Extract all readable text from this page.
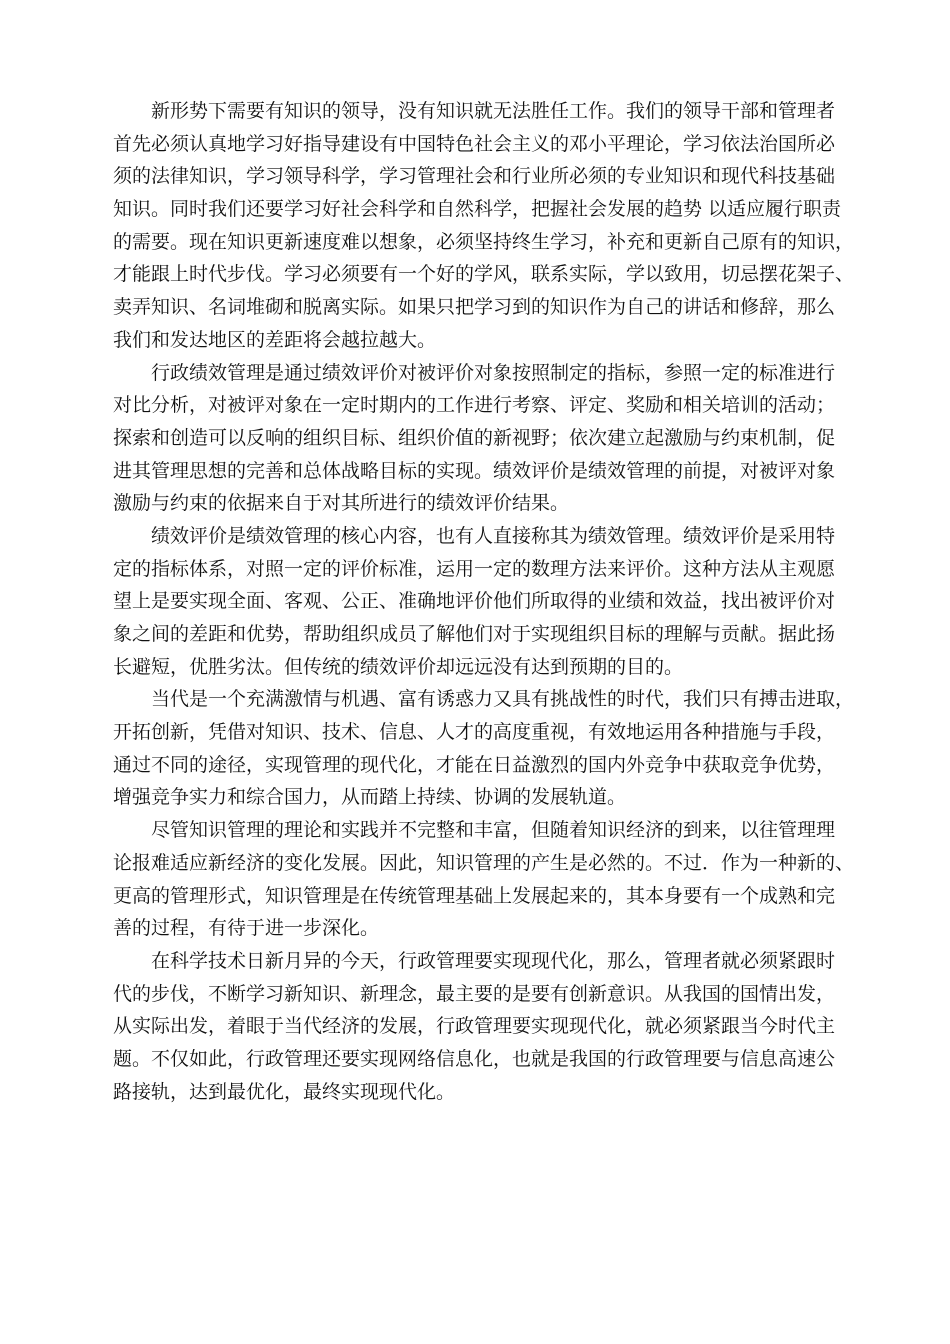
新形势下需要有知识的领导，没有知识就无法胜任工作。我们的领导干部和管理者
首先必须认真地学习好指导建设有中国特色社会主义的邓小平理论，学习依法治国所必
须的法律知识，学习领导科学，学习管理社会和行业所必须的专业知识和现代科技基础
知识。同时我们还要学习好社会科学和自然科学，把握社会发展的趋势 以适应履行职责
的需要。现在知识更新速度难以想象，必须坚持终生学习，补充和更新自己原有的知识，
才能跟上时代步伐。学习必须要有一个好的学风，联系实际，学以致用，切忌摆花架子、
卖弄知识、名词堆砌和脱离实际。如果只把学习到的知识作为自己的讲话和修辞，那么
我们和发达地区的差距将会越拉越大。
行政绩效管理是通过绩效评价对被评价对象按照制定的指标，参照一定的标准进行
对比分析，对被评对象在一定时期内的工作进行考察、评定、奖励和相关培训的活动；
探索和创造可以反响的组织目标、组织价值的新视野；依次建立起激励与约束机制，促
进其管理思想的完善和总体战略目标的实现。绩效评价是绩效管理的前提，对被评对象
激励与约束的依据来自于对其所进行的绩效评价结果。
绩效评价是绩效管理的核心内容，也有人直接称其为绩效管理。绩效评价是采用特
定的指标体系，对照一定的评价标准，运用一定的数理方法来评价。这种方法从主观愿
望上是要实现全面、客观、公正、准确地评价他们所取得的业绩和效益，找出被评价对
象之间的差距和优势，帮助组织成员了解他们对于实现组织目标的理解与贡献。据此扬
长避短，优胜劣汰。但传统的绩效评价却远远没有达到预期的目的。
当代是一个充满激情与机遇、富有诱惑力又具有挑战性的时代，我们只有搏击进取，
开拓创新，凭借对知识、技术、信息、人才的高度重视，有效地运用各种措施与手段，
通过不同的途径，实现管理的现代化，才能在日益激烈的国内外竞争中获取竞争优势，
增强竞争实力和综合国力，从而踏上持续、协调的发展轨道。
尽管知识管理的理论和实践并不完整和丰富，但随着知识经济的到来，以往管理理
论报难适应新经济的变化发展。因此，知识管理的产生是必然的。不过．作为一种新的、
更高的管理形式，知识管理是在传统管理基础上发展起来的，其本身要有一个成熟和完
善的过程，有待于进一步深化。
在科学技术日新月异的今天，行政管理要实现现代化，那么，管理者就必须紧跟时
代的步伐，不断学习新知识、新理念，最主要的是要有创新意识。从我国的国情出发，
从实际出发，着眼于当代经济的发展，行政管理要实现现代化，就必须紧跟当今时代主
题。不仅如此，行政管理还要实现网络信息化，也就是我国的行政管理要与信息高速公
路接轨，达到最优化，最终实现现代化。
